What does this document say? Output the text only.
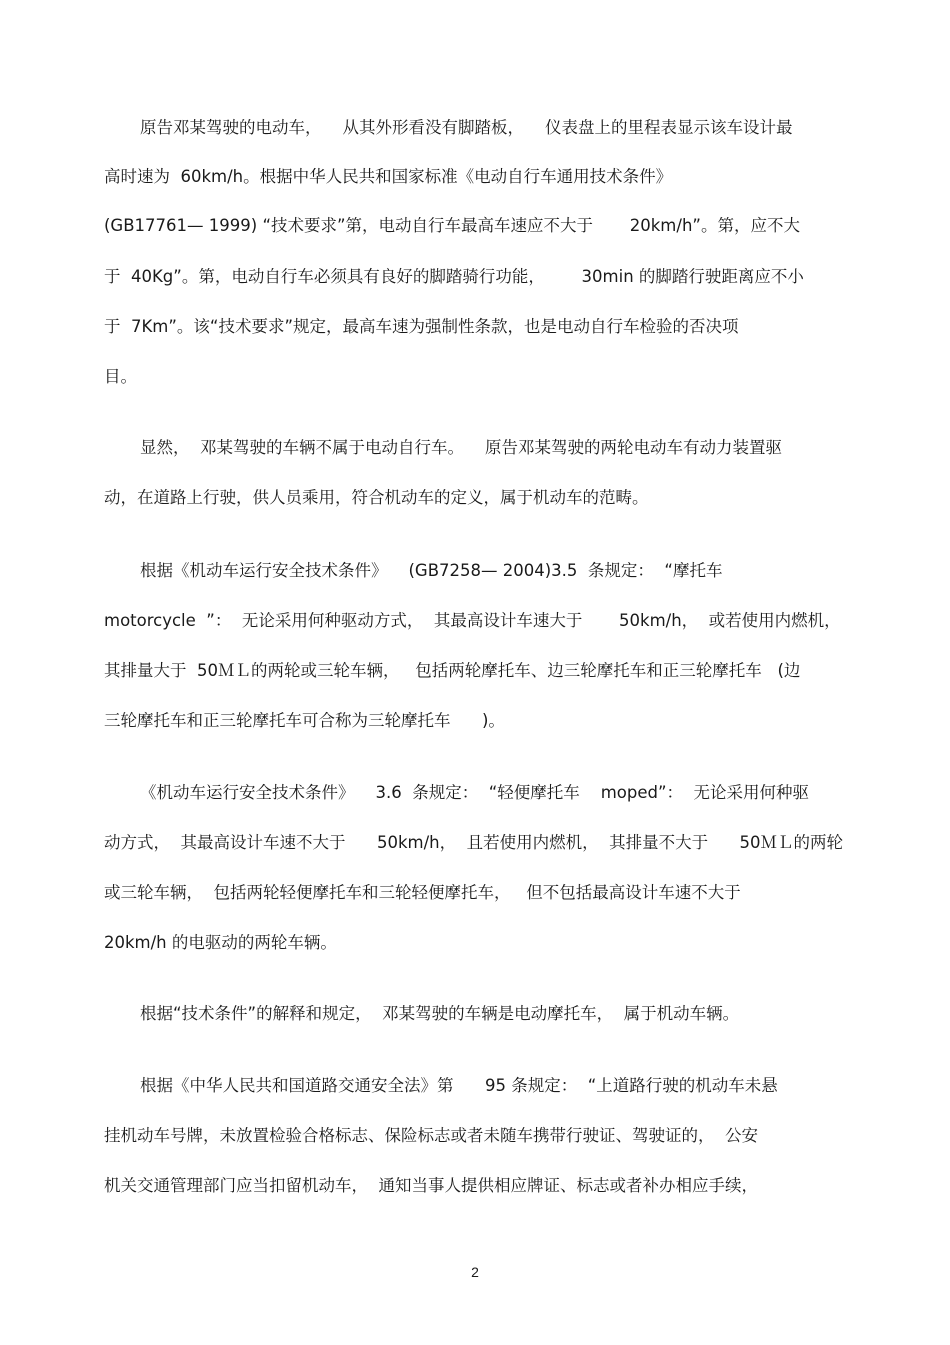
原告邓某驾驶的电动车，    从其外形看没有脚踏板，    仪表盘上的里程表显示该车设计最
高时速为  60km/h。根据中华人民共和国家标准《电动自行车通用技术条件》
(GB17761— 1999) “技术要求”第，电动自行车最高车速应不大于       20km/h”。第，应不大
于  40Kg”。第，电动自行车必须具有良好的脚踏骑行功能，       30min 的脚踏行驶距离应不小
于  7Km”。该“技术要求”规定，最高车速为强制性条款，也是电动自行车检验的否决项
目。
显然，  邓某驾驶的车辆不属于电动自行车。    原告邓某驾驶的两轮电动车有动力装置驱
动，在道路上行驶，供人员乘用，符合机动车的定义，属于机动车的范畴。
根据《机动车运行安全技术条件》    (GB7258— 2004)3.5  条规定：  “摩托车
motorcycle  ”：  无论采用何种驱动方式，  其最高设计车速大于       50km/h，  或若使用内燃机，
其排量大于  50ＭＬ的两轮或三轮车辆，   包括两轮摩托车、边三轮摩托车和正三轮摩托车   (边
三轮摩托车和正三轮摩托车可合称为三轮摩托车      )。
《机动车运行安全技术条件》    3.6  条规定：  “轻便摩托车    moped”：  无论采用何种驱
动方式，  其最高设计车速不大于      50km/h，  且若使用内燃机，  其排量不大于      50ＭＬ的两轮
或三轮车辆，  包括两轮轻便摩托车和三轮轻便摩托车，   但不包括最高设计车速不大于
20km/h 的电驱动的两轮车辆。
根据“技术条件”的解释和规定，  邓某驾驶的车辆是电动摩托车，  属于机动车辆。
根据《中华人民共和国道路交通安全法》第      95 条规定：  “上道路行驶的机动车未悬
挂机动车号牌，未放置检验合格标志、保险标志或者未随车携带行驶证、驾驶证的，  公安
机关交通管理部门应当扣留机动车，  通知当事人提供相应牌证、标志或者补办相应手续，
2
